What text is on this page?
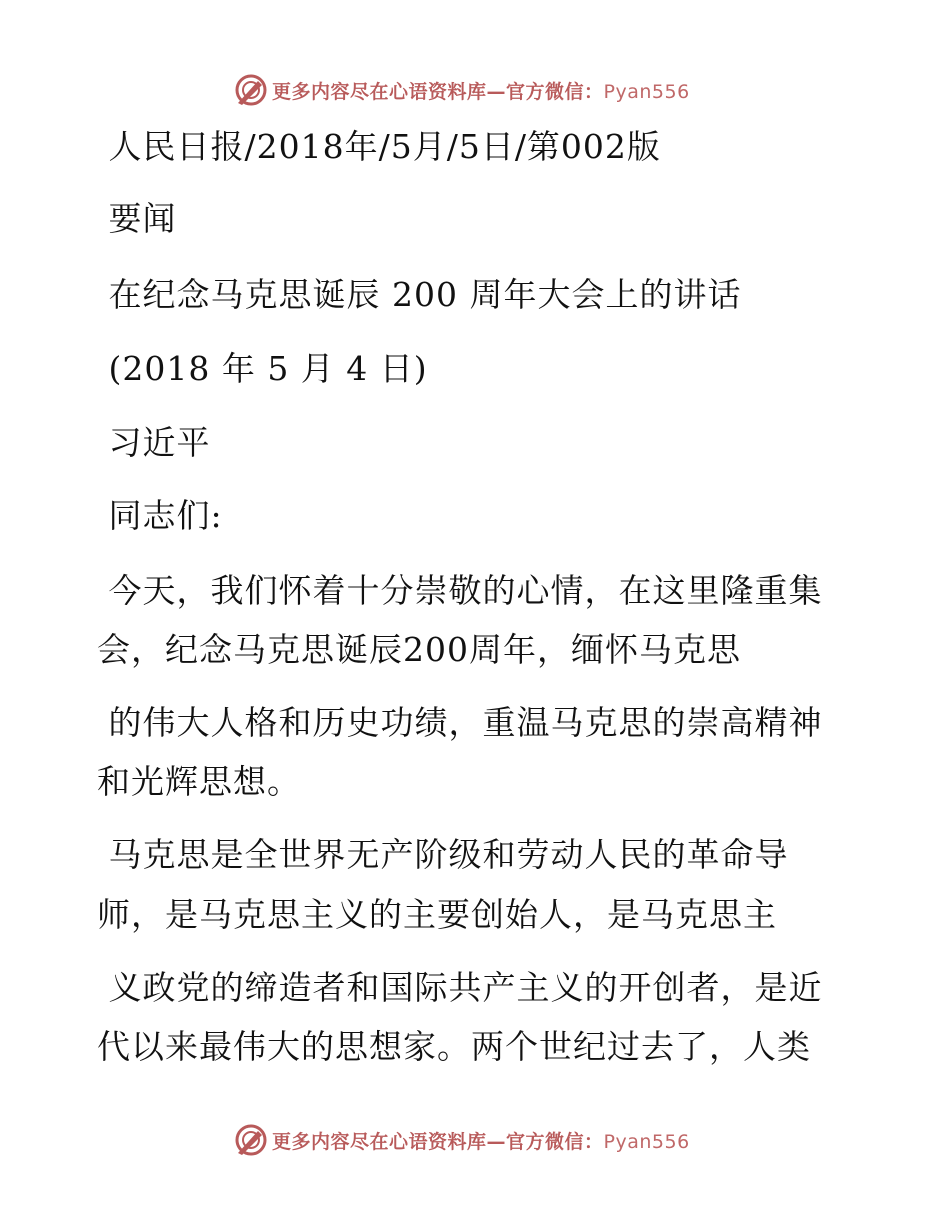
更多内容尽在心语资料库—官方微信：Pyan556
人民日报/2018年/5月/5日/第002版
要闻
在纪念马克思诞辰 200 周年大会上的讲话
(2018 年 5 月 4 日)
习近平
同志们:
今天，我们怀着十分崇敬的心情，在这里隆重集
会，纪念马克思诞辰200周年，缅怀马克思
的伟大人格和历史功绩，重温马克思的崇高精神
和光辉思想。
马克思是全世界无产阶级和劳动人民的革命导
师，是马克思主义的主要创始人，是马克思主
义政党的缔造者和国际共产主义的开创者，是近
代以来最伟大的思想家。两个世纪过去了，人类
更多内容尽在心语资料库—官方微信：Pyan556
